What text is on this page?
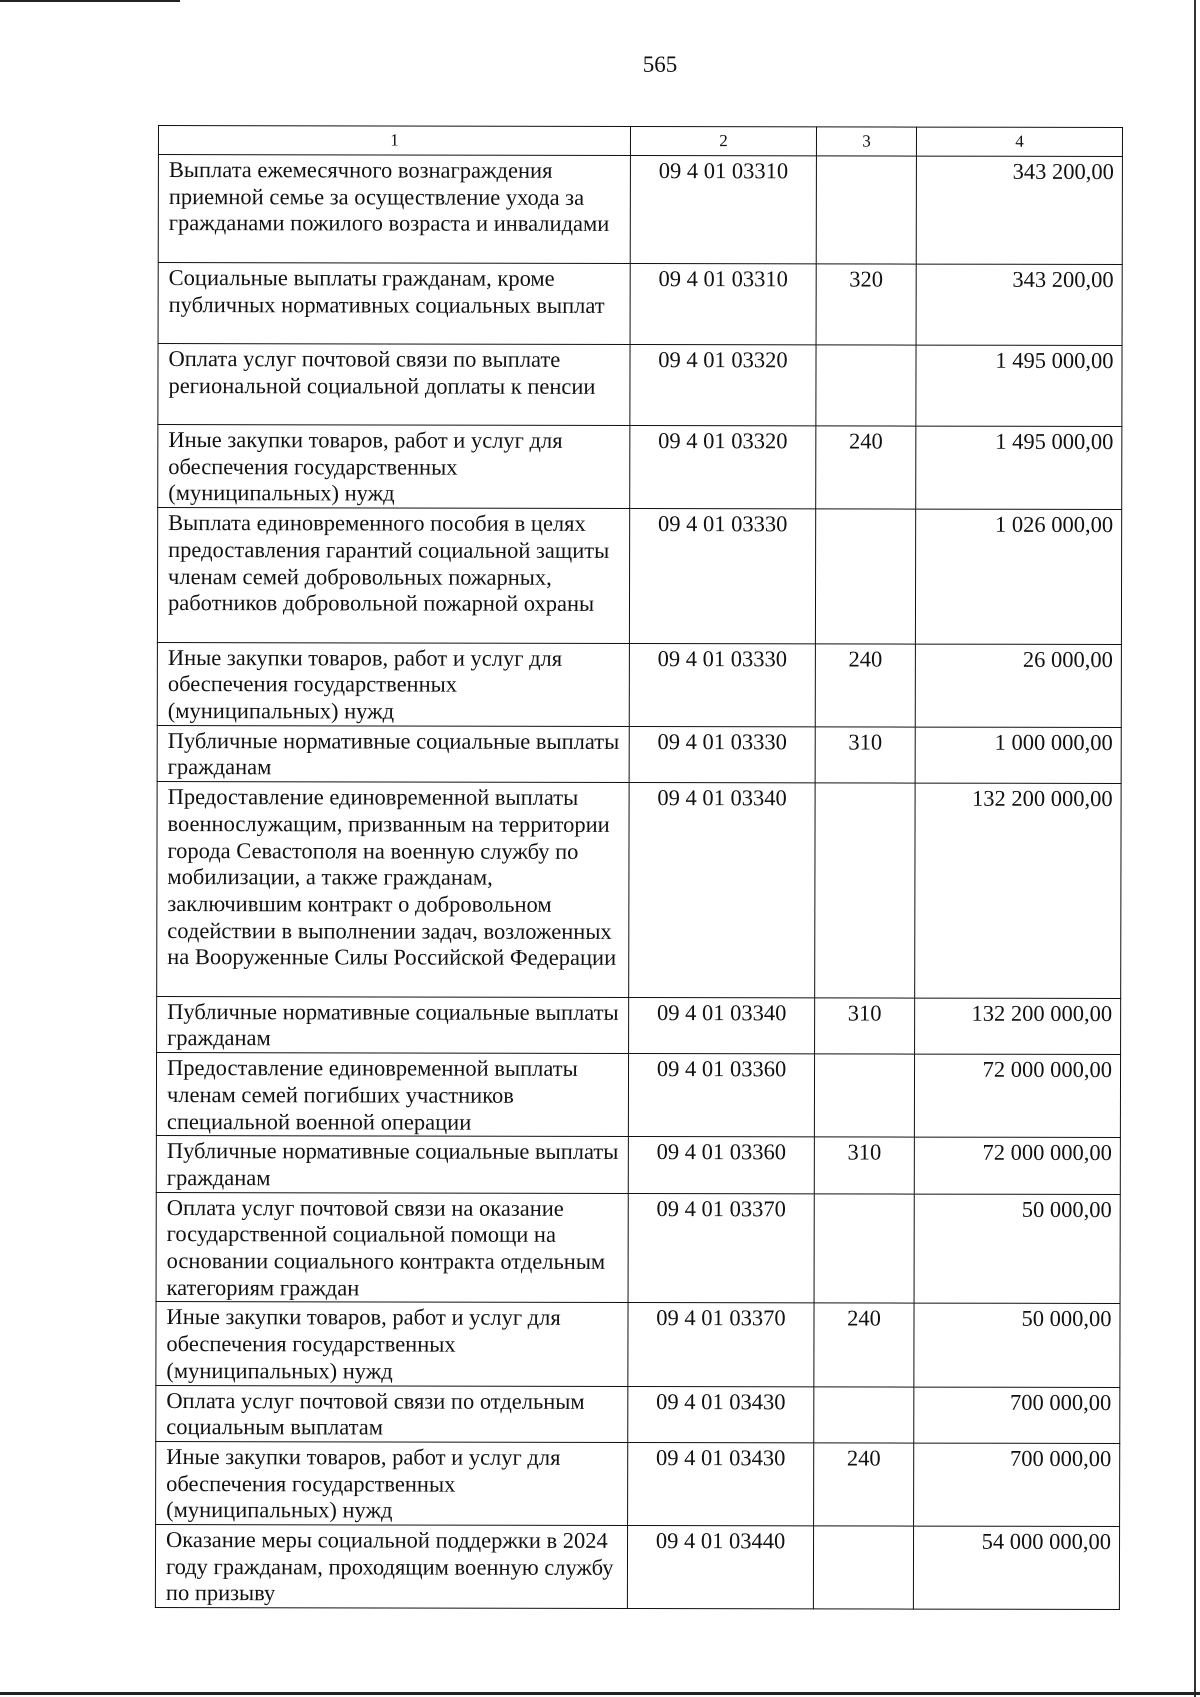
565
1	2	3	4
Выплата ежемесячного вознаграждения приемной семье за осуществление ухода за гражданами пожилого возраста и инвалидами	09 4 01 03310		343 200,00
Социальные выплаты гражданам, кроме публичных нормативных социальных выплат	09 4 01 03310	320	343 200,00
Оплата услуг почтовой связи по выплате региональной социальной доплаты к пенсии	09 4 01 03320		1 495 000,00
Иные закупки товаров, работ и услуг для обеспечения государственных (муниципальных) нужд	09 4 01 03320	240	1 495 000,00
Выплата единовременного пособия в целях предоставления гарантий социальной защиты членам семей добровольных пожарных, работников добровольной пожарной охраны	09 4 01 03330		1 026 000,00
Иные закупки товаров, работ и услуг для обеспечения государственных (муниципальных) нужд	09 4 01 03330	240	26 000,00
Публичные нормативные социальные выплаты гражданам	09 4 01 03330	310	1 000 000,00
Предоставление единовременной выплаты военнослужащим, призванным на территории города Севастополя на военную службу по мобилизации, а также гражданам, заключившим контракт о добровольном содействии в выполнении задач, возложенных на Вооруженные Силы Российской Федерации	09 4 01 03340		132 200 000,00
Публичные нормативные социальные выплаты гражданам	09 4 01 03340	310	132 200 000,00
Предоставление единовременной выплаты членам семей погибших участников специальной военной операции	09 4 01 03360		72 000 000,00
Публичные нормативные социальные выплаты гражданам	09 4 01 03360	310	72 000 000,00
Оплата услуг почтовой связи на оказание государственной социальной помощи на основании социального контракта отдельным категориям граждан	09 4 01 03370		50 000,00
Иные закупки товаров, работ и услуг для обеспечения государственных (муниципальных) нужд	09 4 01 03370	240	50 000,00
Оплата услуг почтовой связи по отдельным социальным выплатам	09 4 01 03430		700 000,00
Иные закупки товаров, работ и услуг для обеспечения государственных (муниципальных) нужд	09 4 01 03430	240	700 000,00
Оказание меры социальной поддержки в 2024 году гражданам, проходящим военную службу по призыву	09 4 01 03440		54 000 000,00
